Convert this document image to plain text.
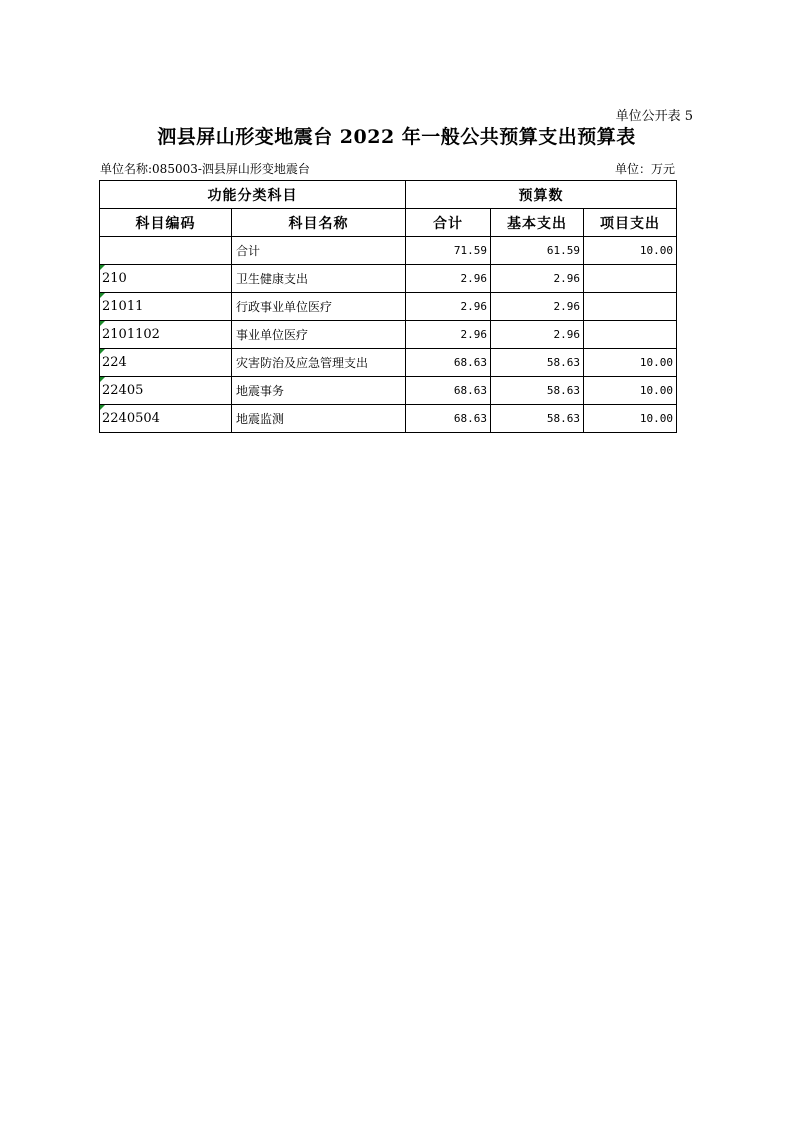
单位公开表 5
泗县屏山形变地震台 2022 年一般公共预算支出预算表
单位名称:085003-泗县屏山形变地震台	单位：万元
功能分类科目		预算数		
科目编码	科目名称	合计	基本支出	项目支出
	合计	71.59	61.59	10.00
210	卫生健康支出	2.96	2.96	
21011	行政事业单位医疗	2.96	2.96	
2101102	事业单位医疗	2.96	2.96	
224	灾害防治及应急管理支出	68.63	58.63	10.00
22405	地震事务	68.63	58.63	10.00
2240504	地震监测	68.63	58.63	10.00
